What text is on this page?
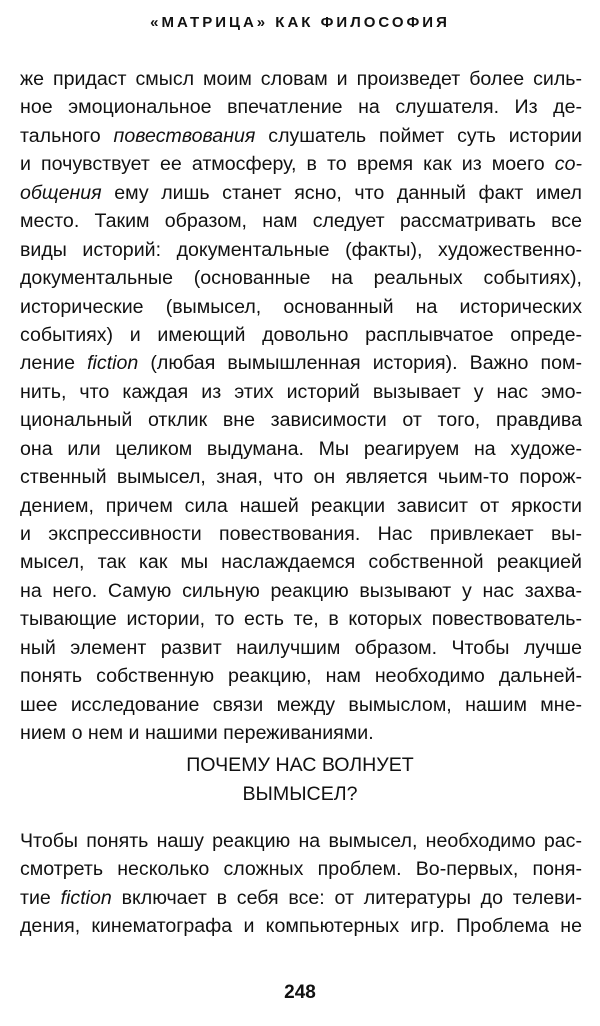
«МАТРИЦА» КАК ФИЛОСОФИЯ
же придаст смысл моим словам и произведет более силь-
ное эмоциональное впечатление на слушателя. Из де-
тального повествования слушатель поймет суть истории
и почувствует ее атмосферу, в то время как из моего со-
общения ему лишь станет ясно, что данный факт имел
место. Таким образом, нам следует рассматривать все
виды историй: документальные (факты), художественно-
документальные (основанные на реальных событиях),
исторические (вымысел, основанный на исторических
событиях) и имеющий довольно расплывчатое опреде-
ление fiction (любая вымышленная история). Важно пом-
нить, что каждая из этих историй вызывает у нас эмо-
циональный отклик вне зависимости от того, правдива
она или целиком выдумана. Мы реагируем на художе-
ственный вымысел, зная, что он является чьим-то порож-
дением, причем сила нашей реакции зависит от яркости
и экспрессивности повествования. Нас привлекает вы-
мысел, так как мы наслаждаемся собственной реакцией
на него. Самую сильную реакцию вызывают у нас захва-
тывающие истории, то есть те, в которых повествователь-
ный элемент развит наилучшим образом. Чтобы лучше
понять собственную реакцию, нам необходимо дальней-
шее исследование связи между вымыслом, нашим мне-
нием о нем и нашими переживаниями.
ПОЧЕМУ НАС ВОЛНУЕТ
ВЫМЫСЕЛ?
Чтобы понять нашу реакцию на вымысел, необходимо рас-
смотреть несколько сложных проблем. Во-первых, поня-
тие fiction включает в себя все: от литературы до телеви-
дения, кинематографа и компьютерных игр. Проблема не
248
